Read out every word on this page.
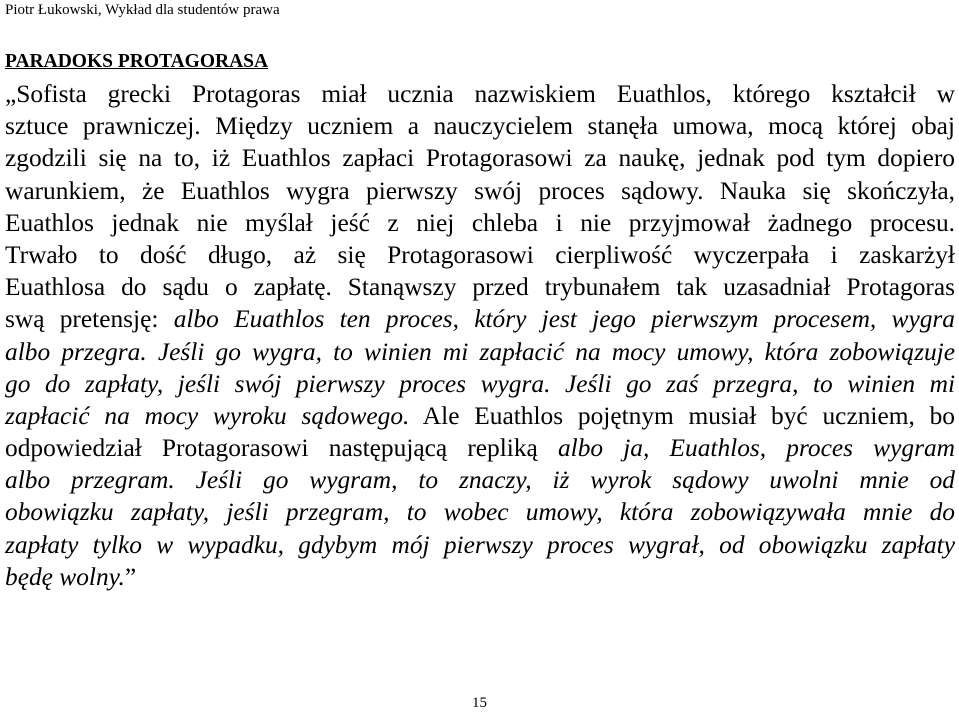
Piotr Łukowski, Wykład dla studentów prawa
PARADOKS PROTAGORASA
„Sofista grecki Protagoras miał ucznia nazwiskiem Euathlos, którego kształcił w
sztuce prawniczej. Między uczniem a nauczycielem stanęła umowa, mocą której obaj
zgodzili się na to, iż Euathlos zapłaci Protagorasowi za naukę, jednak pod tym dopiero
warunkiem, że Euathlos wygra pierwszy swój proces sądowy. Nauka się skończyła,
Euathlos jednak nie myślał jeść z niej chleba i nie przyjmował żadnego procesu.
Trwało to dość długo, aż się Protagorasowi cierpliwość wyczerpała i zaskarżył
Euathlosa do sądu o zapłatę. Stanąwszy przed trybunałem tak uzasadniał Protagoras
swą pretensję: albo Euathlos ten proces, który jest jego pierwszym procesem, wygra
albo przegra. Jeśli go wygra, to winien mi zapłacić na mocy umowy, która zobowiązuje
go do zapłaty, jeśli swój pierwszy proces wygra. Jeśli go zaś przegra, to winien mi
zapłacić na mocy wyroku sądowego. Ale Euathlos pojętnym musiał być uczniem, bo
odpowiedział Protagorasowi następującą repliką albo ja, Euathlos, proces wygram
albo przegram. Jeśli go wygram, to znaczy, iż wyrok sądowy uwolni mnie od
obowiązku zapłaty, jeśli przegram, to wobec umowy, która zobowiązywała mnie do
zapłaty tylko w wypadku, gdybym mój pierwszy proces wygrał, od obowiązku zapłaty
będę wolny.”
15
